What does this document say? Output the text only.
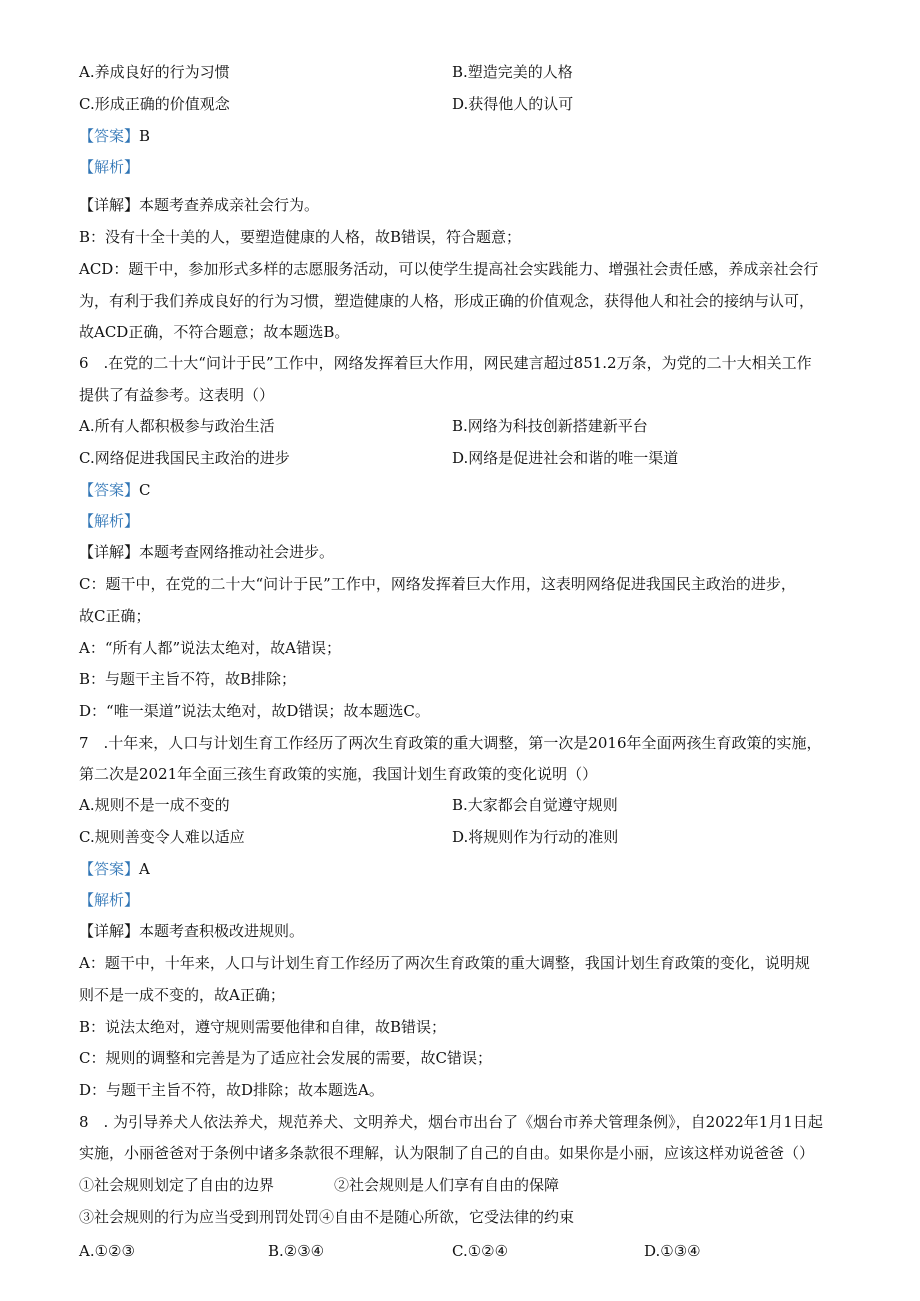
A.养成良好的行为习惯	B.塑造完美的人格
C.形成正确的价值观念	D.获得他人的认可
【答案】B
【解析】
【详解】本题考查养成亲社会行为。
B：没有十全十美的人，要塑造健康的人格，故B错误，符合题意；
ACD：题干中，参加形式多样的志愿服务活动，可以使学生提高社会实践能力、增强社会责任感，养成亲社会行
为，有利于我们养成良好的行为习惯，塑造健康的人格，形成正确的价值观念，获得他人和社会的接纳与认可，
故ACD正确，不符合题意；故本题选B。
6　.在党的二十大“问计于民”工作中，网络发挥着巨大作用，网民建言超过851.2万条，为党的二十大相关工作
提供了有益参考。这表明（）
A.所有人都积极参与政治生活	B.网络为科技创新搭建新平台
C.网络促进我国民主政治的进步	D.网络是促进社会和谐的唯一渠道
【答案】C
【解析】
【详解】本题考查网络推动社会进步。
C：题干中，在党的二十大“问计于民”工作中，网络发挥着巨大作用，这表明网络促进我国民主政治的进步，
故C正确；
A：“所有人都”说法太绝对，故A错误；
B：与题干主旨不符，故B排除；
D：“唯一渠道”说法太绝对，故D错误；故本题选C。
7　.十年来，人口与计划生育工作经历了两次生育政策的重大调整，第一次是2016年全面两孩生育政策的实施，
第二次是2021年全面三孩生育政策的实施，我国计划生育政策的变化说明（）
A.规则不是一成不变的	B.大家都会自觉遵守规则
C.规则善变令人难以适应	D.将规则作为行动的准则
【答案】A
【解析】
【详解】本题考查积极改进规则。
A：题干中，十年来，人口与计划生育工作经历了两次生育政策的重大调整，我国计划生育政策的变化，说明规
则不是一成不变的，故A正确；
B：说法太绝对，遵守规则需要他律和自律，故B错误；
C：规则的调整和完善是为了适应社会发展的需要，故C错误；
D：与题干主旨不符，故D排除；故本题选A。
8　. 为引导养犬人依法养犬，规范养犬、文明养犬，烟台市出台了《烟台市养犬管理条例》，自2022年1月1日起
实施，小丽爸爸对于条例中诸多条款很不理解，认为限制了自己的自由。如果你是小丽，应该这样劝说爸爸（）
①社会规则划定了自由的边界	②社会规则是人们享有自由的保障
③社会规则的行为应当受到刑罚处罚④自由不是随心所欲，它受法律的约束
A.①②③	B.②③④	C.①②④	D.①③④
